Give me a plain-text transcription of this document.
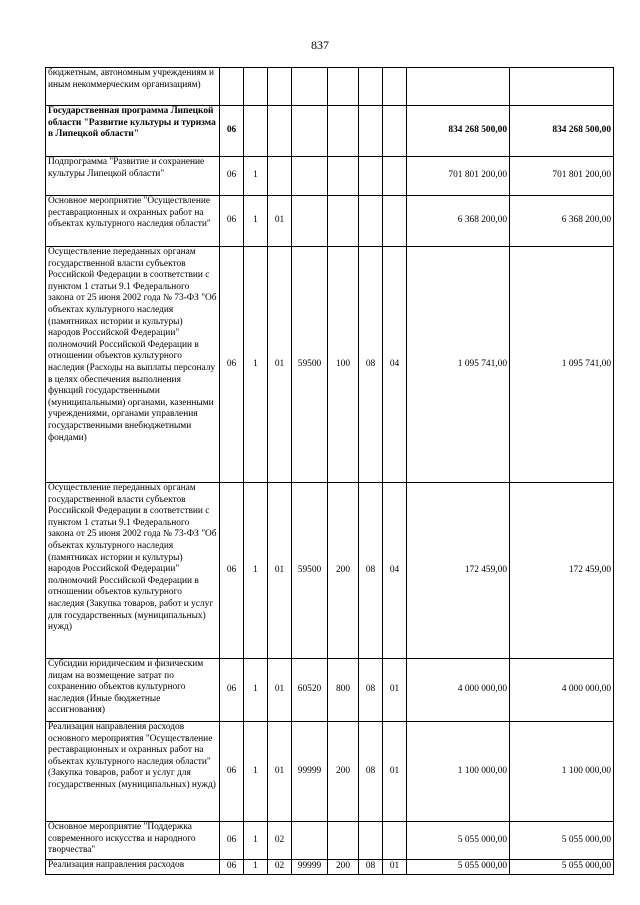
837
бюджетным, автономным учреждениям и иным некоммерческим организациям)									
Государственная программа Липецкой области "Развитие культуры и туризма в Липецкой области"	06							834 268 500,00	834 268 500,00
Подпрограмма "Развитие и сохранение культуры Липецкой области"	06	1						701 801 200,00	701 801 200,00
Основное мероприятие "Осуществление реставрационных и охранных работ на объектах культурного наследия области"	06	1	01					6 368 200,00	6 368 200,00
Осуществление переданных органам государственной власти субъектов Российской Федерации в соответствии с пунктом 1 статьи 9.1 Федерального закона от 25 июня 2002 года № 73-ФЗ "Об объектах культурного наследия (памятниках истории и культуры) народов Российской Федерации" полномочий Российской Федерации в отношении объектов культурного наследия (Расходы на выплаты персоналу в целях обеспечения выполнения функций государственными (муниципальными) органами, казенными учреждениями, органами управления государственными внебюджетными фондами)	06	1	01	59500	100	08	04	1 095 741,00	1 095 741,00
Осуществление переданных органам государственной власти субъектов Российской Федерации в соответствии с пунктом 1 статьи 9.1 Федерального закона от 25 июня 2002 года № 73-ФЗ "Об объектах культурного наследия (памятниках истории и культуры) народов Российской Федерации" полномочий Российской Федерации в отношении объектов культурного наследия (Закупка товаров, работ и услуг для государственных (муниципальных) нужд)	06	1	01	59500	200	08	04	172 459,00	172 459,00
Субсидии юридическим и физическим лицам на возмещение затрат по сохранению объектов культурного наследия (Иные бюджетные ассигнования)	06	1	01	60520	800	08	01	4 000 000,00	4 000 000,00
Реализация направления расходов основного мероприятия "Осуществление реставрационных и охранных работ на объектах культурного наследия области" (Закупка товаров, работ и услуг для государственных (муниципальных) нужд)	06	1	01	99999	200	08	01	1 100 000,00	1 100 000,00
Основное мероприятие "Поддержка современного искусства и народного творчества"	06	1	02					5 055 000,00	5 055 000,00
Реализация направления расходов	06	1	02	99999	200	08	01	5 055 000,00	5 055 000,00
